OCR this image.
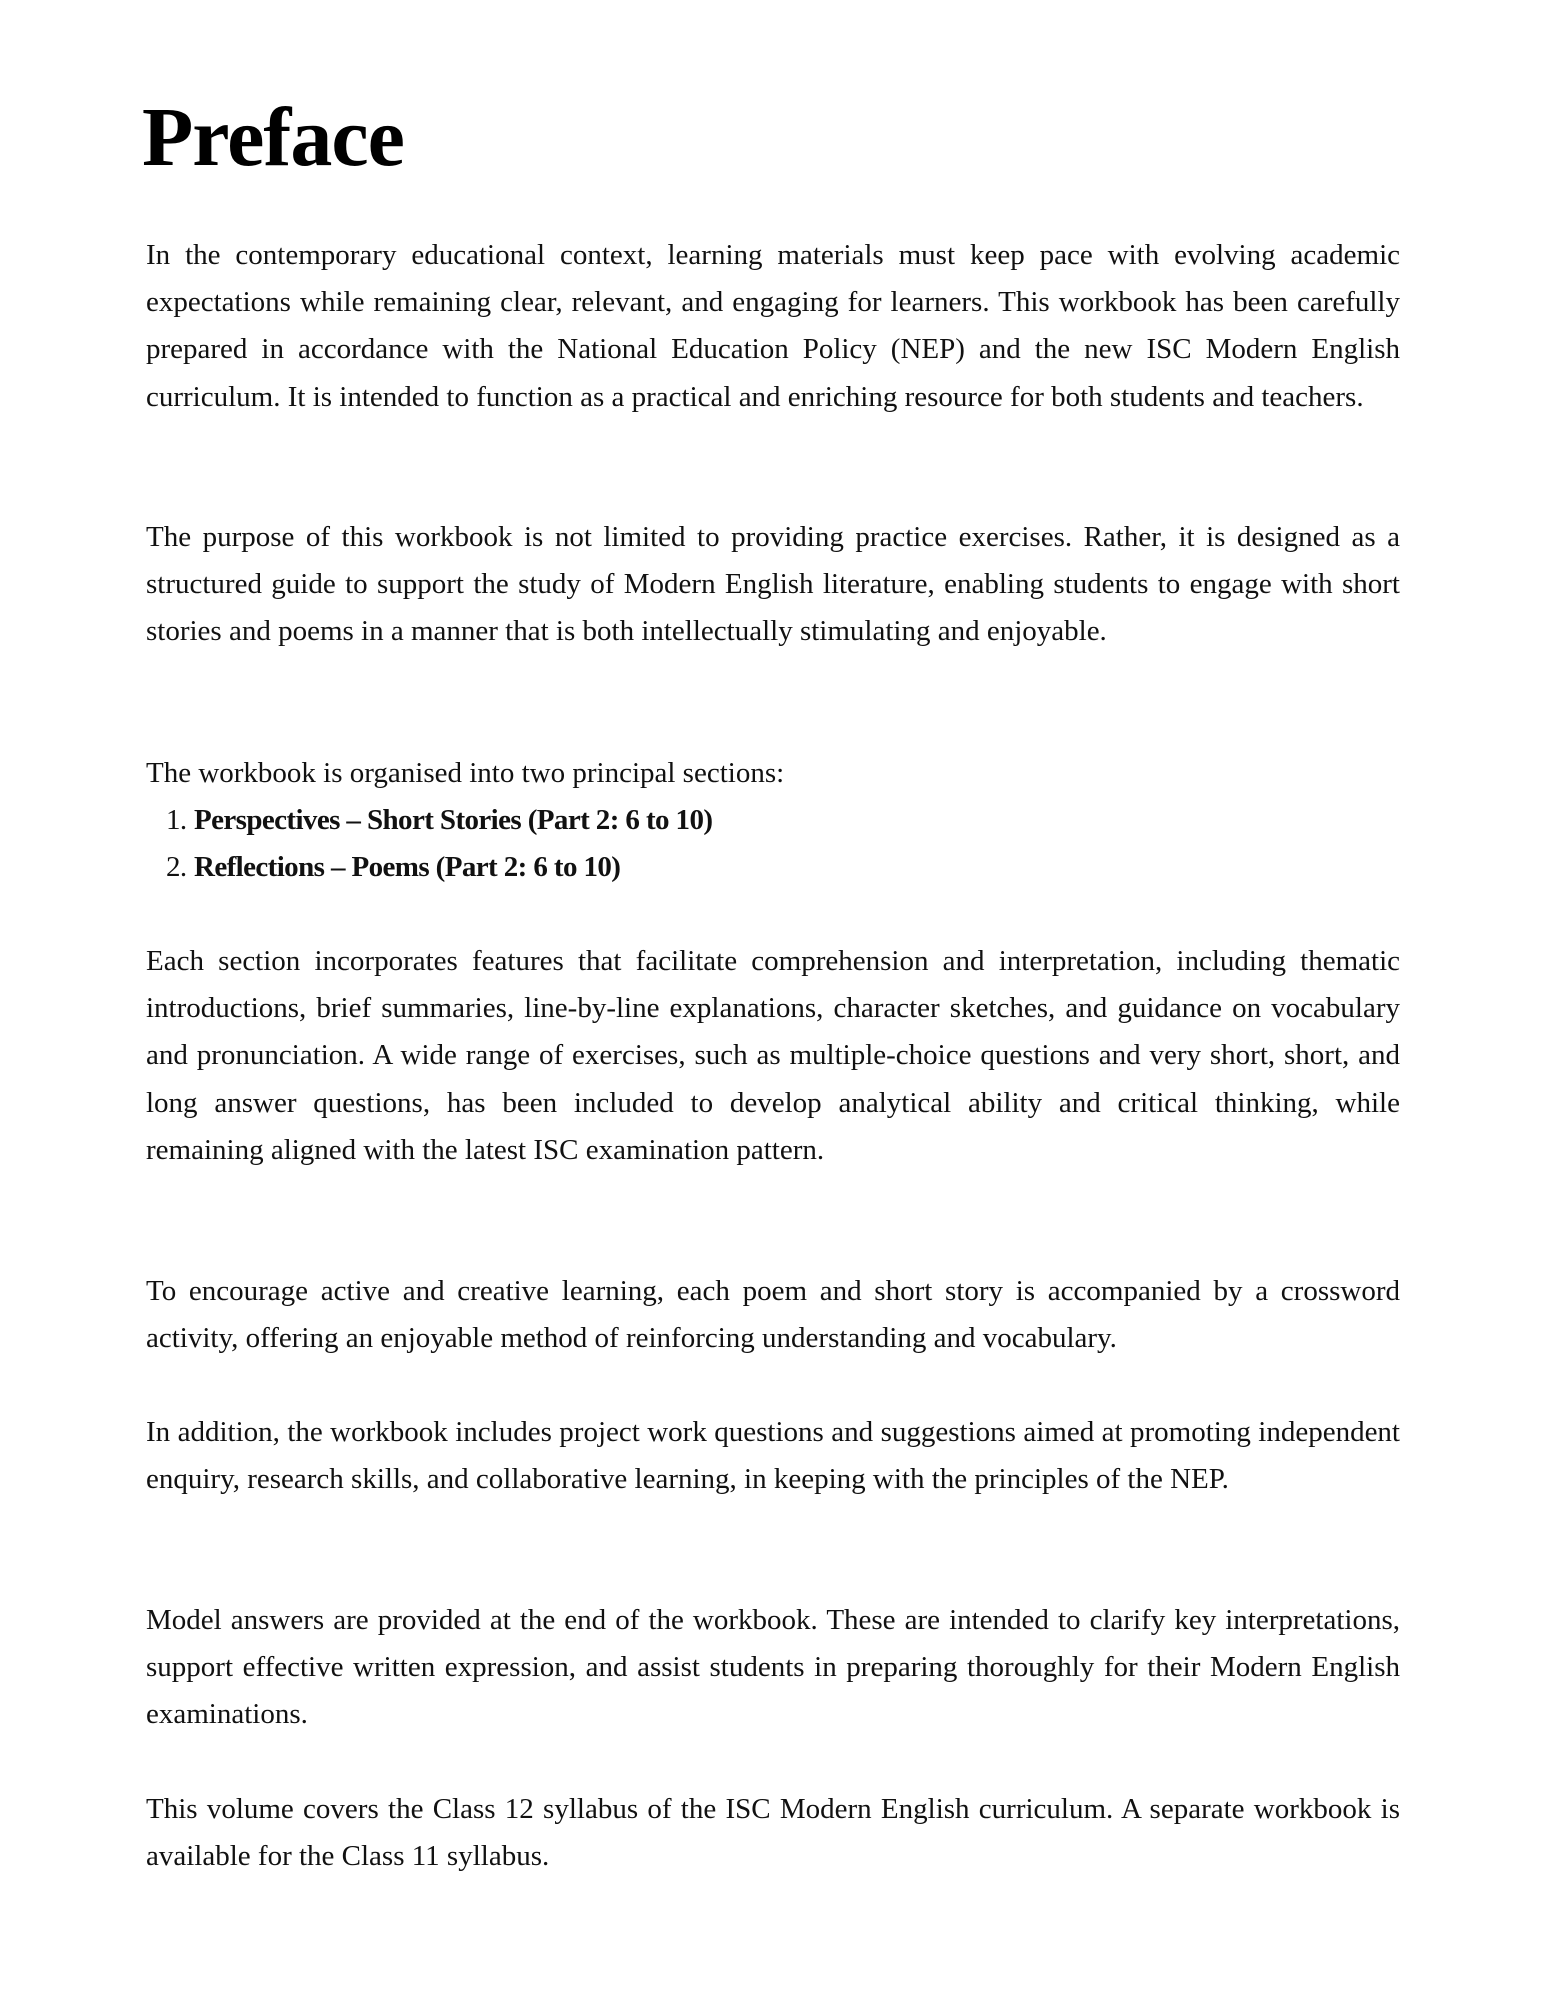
Preface

In the contemporary educational context, learning materials must keep pace with evolving academic expectations while remaining clear, relevant, and engaging for learners. This workbook has been carefully prepared in accordance with the National Education Policy (NEP) and the new ISC Modern English curriculum. It is intended to function as a practical and enriching resource for both students and teachers.

The purpose of this workbook is not limited to providing practice exercises. Rather, it is designed as a structured guide to support the study of Modern English literature, enabling students to engage with short stories and poems in a manner that is both intellectually stimulating and enjoyable.

The workbook is organised into two principal sections:

1. Perspectives – Short Stories (Part 2: 6 to 10)
2. Reflections – Poems (Part 2: 6 to 10)

Each section incorporates features that facilitate comprehension and interpretation, including thematic introductions, brief summaries, line-by-line explanations, character sketches, and guidance on vocabulary and pronunciation. A wide range of exercises, such as multiple-choice questions and very short, short, and long answer questions, has been included to develop analytical ability and critical thinking, while remaining aligned with the latest ISC examination pattern.

To encourage active and creative learning, each poem and short story is accompanied by a crossword activity, offering an enjoyable method of reinforcing understanding and vocabulary.

In addition, the workbook includes project work questions and suggestions aimed at promoting independent enquiry, research skills, and collaborative learning, in keeping with the principles of the NEP.

Model answers are provided at the end of the workbook. These are intended to clarify key interpretations, support effective written expression, and assist students in preparing thoroughly for their Modern English examinations.

This volume covers the Class 12 syllabus of the ISC Modern English curriculum. A separate workbook is available for the Class 11 syllabus.
